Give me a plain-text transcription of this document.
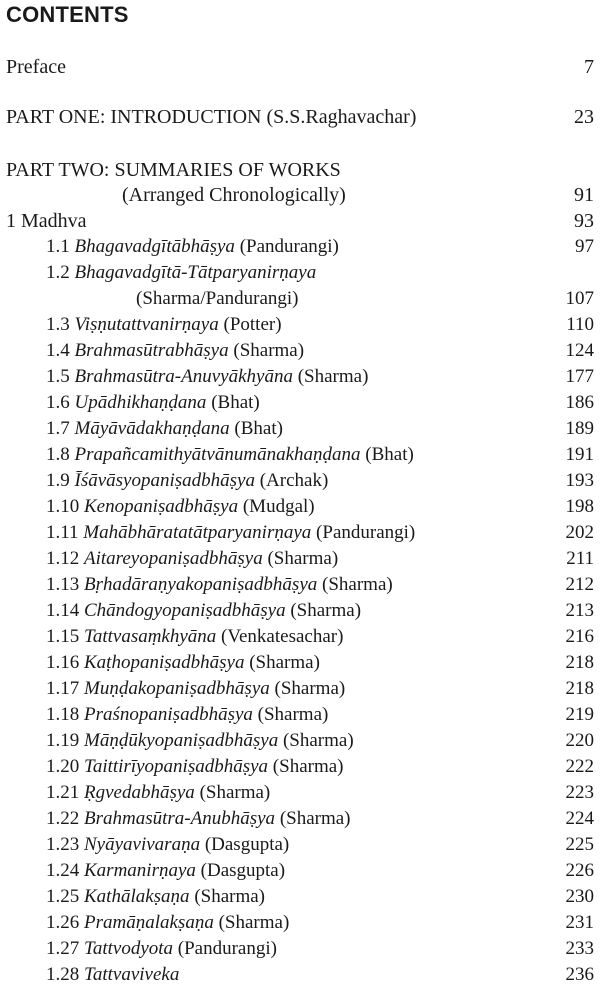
CONTENTS
Preface	7
PART ONE: INTRODUCTION (S.S.Raghavachar)	23
PART TWO: SUMMARIES OF WORKS
(Arranged Chronologically)	91
1 Madhva	93
1.1 Bhagavadgītābhāṣya (Pandurangi)	97
1.2 Bhagavadgītā-Tātparyanirṇaya
(Sharma/Pandurangi)	107
1.3 Viṣṇutattvanirṇaya (Potter)	110
1.4 Brahmasūtrabhāṣya (Sharma)	124
1.5 Brahmasūtra-Anuvyākhyāna (Sharma)	177
1.6 Upādhikhaṇḍana (Bhat)	186
1.7 Māyāvādakhaṇḍana (Bhat)	189
1.8 Prapañcamithyātvānumānakhaṇḍana (Bhat)	191
1.9 Īśāvāsyopaniṣadbhāṣya (Archak)	193
1.10 Kenopaniṣadbhāṣya (Mudgal)	198
1.11 Mahābhāratatātparyanirṇaya (Pandurangi)	202
1.12 Aitareyopaniṣadbhāṣya (Sharma)	211
1.13 Bṛhadāraṇyakopaniṣadbhāṣya (Sharma)	212
1.14 Chāndogyopaniṣadbhāṣya (Sharma)	213
1.15 Tattvasaṃkhyāna (Venkatesachar)	216
1.16 Kaṭhopaniṣadbhāṣya (Sharma)	218
1.17 Muṇḍakopaniṣadbhāṣya (Sharma)	218
1.18 Praśnopaniṣadbhāṣya (Sharma)	219
1.19 Māṇḍūkyopaniṣadbhāṣya (Sharma)	220
1.20 Taittirīyopaniṣadbhāṣya (Sharma)	222
1.21 Ṛgvedabhāṣya (Sharma)	223
1.22 Brahmasūtra-Anubhāṣya (Sharma)	224
1.23 Nyāyavivaraṇa (Dasgupta)	225
1.24 Karmanirṇaya (Dasgupta)	226
1.25 Kathālakṣaṇa (Sharma)	230
1.26 Pramāṇalakṣaṇa (Sharma)	231
1.27 Tattvodyota (Pandurangi)	233
1.28 Tattvaviveka	236
